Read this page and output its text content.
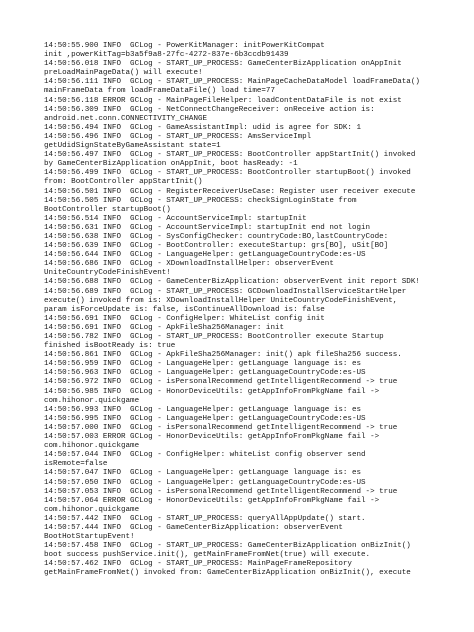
14:50:55.900 INFO  GCLog - PowerKitManager: initPowerKitCompat
init ,powerKitTag=b3a5f9a8-27fc-4272-837e-6b3ccdb91439
14:50:56.018 INFO  GCLog - START_UP_PROCESS: GameCenterBizApplication onAppInit
preLoadMainPageData() will execute!
14:50:56.111 INFO  GCLog - START_UP_PROCESS: MainPageCacheDataModel loadFrameData()
mainFrameData from loadFrameDataFile() load time=77
14:50:56.118 ERROR GCLog - MainPageFileHelper: loadContentDataFile is not exist
14:50:56.309 INFO  GCLog - NetConnectChangeReceiver: onReceive action is:
android.net.conn.CONNECTIVITY_CHANGE
14:50:56.494 INFO  GCLog - GameAssistantImpl: udid is agree for SDK: 1
14:50:56.496 INFO  GCLog - START_UP_PROCESS: AmsServiceImpl
getUdidSignStateByGameAssistant state=1
14:50:56.497 INFO  GCLog - START_UP_PROCESS: BootController appStartInit() invoked
by GameCenterBizApplication onAppInit, boot hasReady: -1
14:50:56.499 INFO  GCLog - START_UP_PROCESS: BootController startupBoot() invoked
from: BootController appStartInit()
14:50:56.501 INFO  GCLog - RegisterReceiverUseCase: Register user receiver execute
14:50:56.505 INFO  GCLog - START_UP_PROCESS: checkSignLoginState from
BootController startupBoot()
14:50:56.514 INFO  GCLog - AccountServiceImpl: startupInit
14:50:56.631 INFO  GCLog - AccountServiceImpl: startupInit end not login
14:50:56.638 INFO  GCLog - SysConfigChecker: countryCode:BO,lastCountryCode:
14:50:56.639 INFO  GCLog - BootController: executeStartup: grs[BO], uSit[BO]
14:50:56.644 INFO  GCLog - LanguageHelper: getLanguageCountryCode:es-US
14:50:56.686 INFO  GCLog - XDownloadInstallHelper: observerEvent
UniteCountryCodeFinishEvent!
14:50:56.688 INFO  GCLog - GameCenterBizApplication: observerEvent init report SDK!
14:50:56.689 INFO  GCLog - START_UP_PROCESS: GCDownloadInstallServiceStartHelper
execute() invoked from is: XDownloadInstallHelper UniteCountryCodeFinishEvent,
param isForceUpdate is: false, isContinueAllDownload is: false
14:50:56.691 INFO  GCLog - ConfigHelper: WhiteList config init
14:50:56.691 INFO  GCLog - ApkFileSha256Manager: init
14:50:56.782 INFO  GCLog - START_UP_PROCESS: BootController execute Startup
finished isBootReady is: true
14:50:56.861 INFO  GCLog - ApkFileSha256Manager: init() apk fileSha256 success.
14:50:56.959 INFO  GCLog - LanguageHelper: getLanguage language is: es
14:50:56.963 INFO  GCLog - LanguageHelper: getLanguageCountryCode:es-US
14:50:56.972 INFO  GCLog - isPersonalRecommend getIntelligentRecommend -> true
14:50:56.985 INFO  GCLog - HonorDeviceUtils: getAppInfoFromPkgName fail ->
com.hihonor.quickgame
14:50:56.993 INFO  GCLog - LanguageHelper: getLanguage language is: es
14:50:56.995 INFO  GCLog - LanguageHelper: getLanguageCountryCode:es-US
14:50:57.000 INFO  GCLog - isPersonalRecommend getIntelligentRecommend -> true
14:50:57.003 ERROR GCLog - HonorDeviceUtils: getAppInfoFromPkgName fail ->
com.hihonor.quickgame
14:50:57.044 INFO  GCLog - ConfigHelper: whiteList config observer send
isRemote=false
14:50:57.047 INFO  GCLog - LanguageHelper: getLanguage language is: es
14:50:57.050 INFO  GCLog - LanguageHelper: getLanguageCountryCode:es-US
14:50:57.053 INFO  GCLog - isPersonalRecommend getIntelligentRecommend -> true
14:50:57.064 ERROR GCLog - HonorDeviceUtils: getAppInfoFromPkgName fail ->
com.hihonor.quickgame
14:50:57.442 INFO  GCLog - START_UP_PROCESS: queryAllAppUpdate() start.
14:50:57.444 INFO  GCLog - GameCenterBizApplication: observerEvent
BootHotStartupEvent!
14:50:57.458 INFO  GCLog - START_UP_PROCESS: GameCenterBizApplication onBizInit()
boot success pushService.init(), getMainFrameFromNet(true) will execute.
14:50:57.462 INFO  GCLog - START_UP_PROCESS: MainPageFrameRepository
getMainFrameFromNet() invoked from: GameCenterBizApplication onBizInit(), execute
